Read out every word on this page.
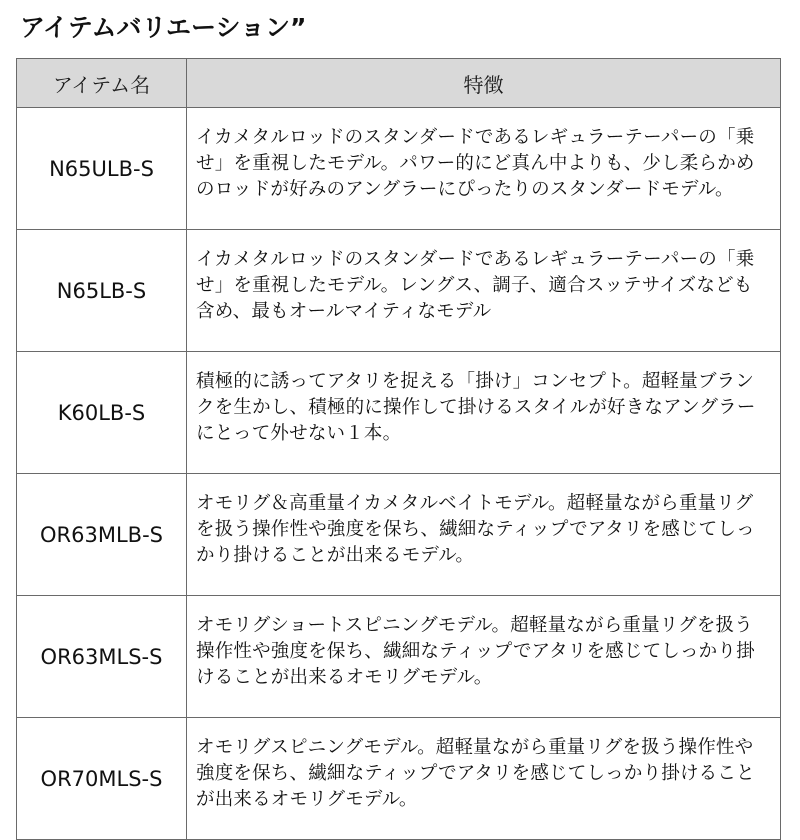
アイテムバリエーション”
アイテム名	特徴
N65ULB-S	イカメタルロッドのスタンダードであるレギュラーテーパーの「乗せ」を重視したモデル。パワー的にど真ん中よりも、少し柔らかめのロッドが好みのアングラーにぴったりのスタンダードモデル。
N65LB-S	イカメタルロッドのスタンダードであるレギュラーテーパーの「乗せ」を重視したモデル。レングス、調子、適合スッテサイズなども含め、最もオールマイティなモデル
K60LB-S	積極的に誘ってアタリを捉える「掛け」コンセプト。超軽量ブランクを生かし、積極的に操作して掛けるスタイルが好きなアングラーにとって外せない１本。
OR63MLB-S	オモリグ＆高重量イカメタルベイトモデル。超軽量ながら重量リグを扱う操作性や強度を保ち、繊細なティップでアタリを感じてしっかり掛けることが出来るモデル。
OR63MLS-S	オモリグショートスピニングモデル。超軽量ながら重量リグを扱う操作性や強度を保ち、繊細なティップでアタリを感じてしっかり掛けることが出来るオモリグモデル。
OR70MLS-S	オモリグスピニングモデル。超軽量ながら重量リグを扱う操作性や強度を保ち、繊細なティップでアタリを感じてしっかり掛けることが出来るオモリグモデル。
